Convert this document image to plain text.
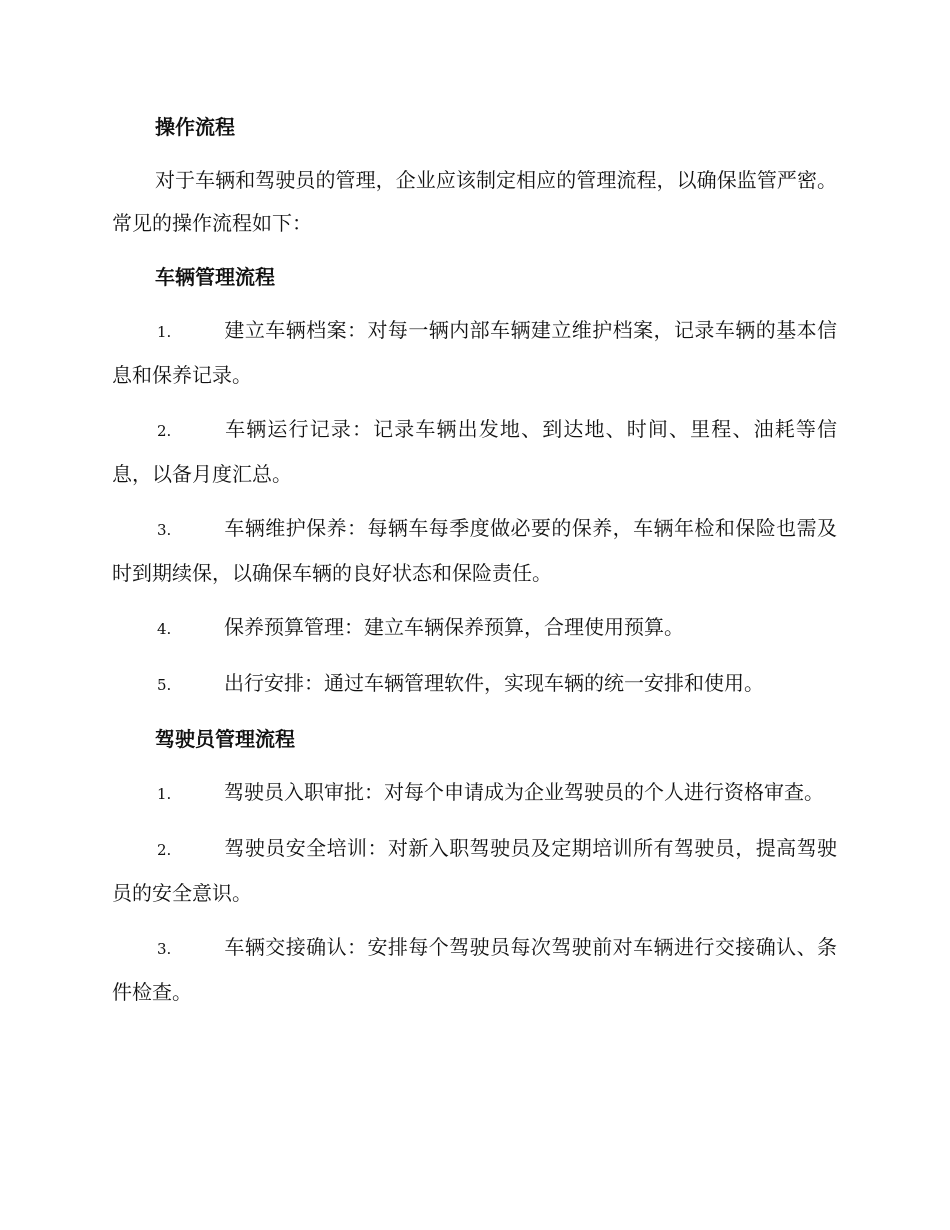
操作流程

对于车辆和驾驶员的管理，企业应该制定相应的管理流程，以确保监管严密。常见的操作流程如下：

车辆管理流程

1.	建立车辆档案：对每一辆内部车辆建立维护档案，记录车辆的基本信息和保养记录。

2.	车辆运行记录：记录车辆出发地、到达地、时间、里程、油耗等信息，以备月度汇总。

3.	车辆维护保养：每辆车每季度做必要的保养，车辆年检和保险也需及时到期续保，以确保车辆的良好状态和保险责任。

4.	保养预算管理：建立车辆保养预算，合理使用预算。

5.	出行安排：通过车辆管理软件，实现车辆的统一安排和使用。

驾驶员管理流程

1.	驾驶员入职审批：对每个申请成为企业驾驶员的个人进行资格审查。

2.	驾驶员安全培训：对新入职驾驶员及定期培训所有驾驶员，提高驾驶员的安全意识。

3.	车辆交接确认：安排每个驾驶员每次驾驶前对车辆进行交接确认、条件检查。
